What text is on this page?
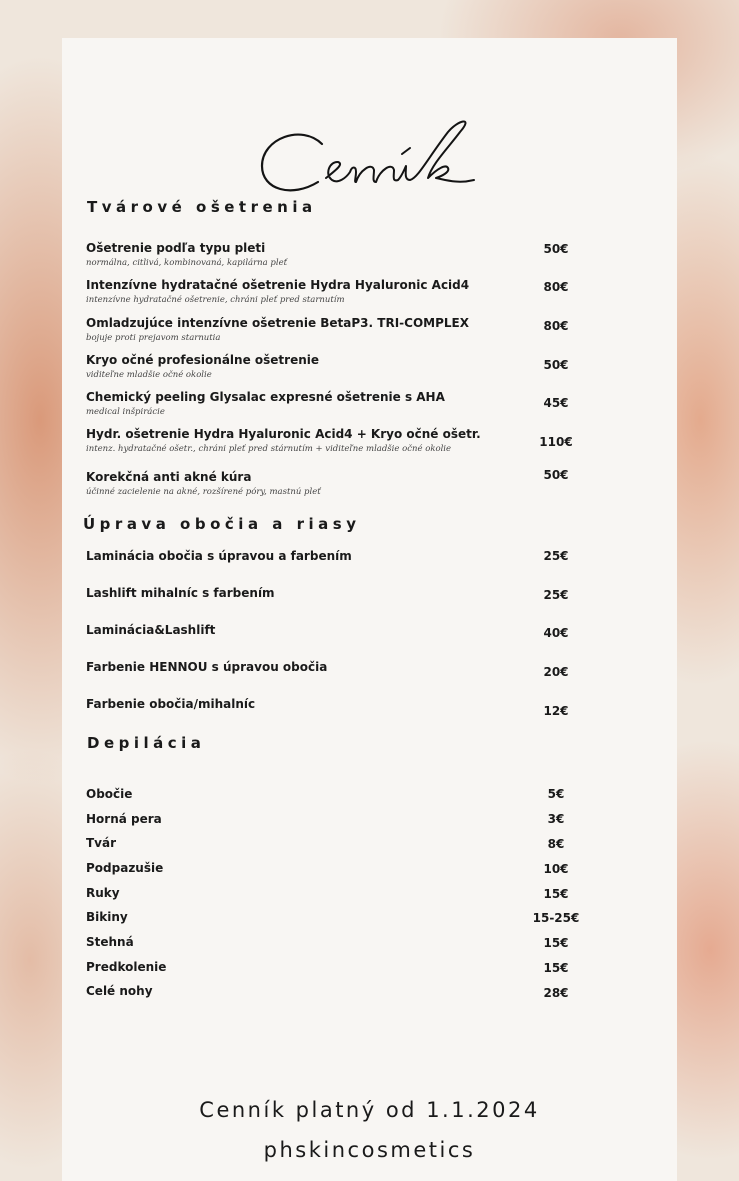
Tvárové ošetrenia
Ošetrenie podľa typu pleti
normálna, citlivá, kombinovaná, kapilárna pleť
50€
Intenzívne hydratačné ošetrenie Hydra Hyaluronic Acid4
intenzívne hydratačné ošetrenie, chráni pleť pred starnutím
80€
Omladzujúce intenzívne ošetrenie BetaP3. TRI-COMPLEX
bojuje proti prejavom starnutia
80€
Kryo očné profesionálne ošetrenie
viditeľne mladšie očné okolie
50€
Chemický peeling Glysalac expresné ošetrenie s AHA
medical inšpirácie
45€
Hydr. ošetrenie Hydra Hyaluronic Acid4 + Kryo očné ošetr.
intenz. hydratačné ošetr., chráni pleť pred stárnutím + viditeľne mladšie očné okolie	110€
Korekčná anti akné kúra
účinné zacielenie na akné, rozšírené póry, mastnú pleť
50€
Úprava obočia a riasy
Laminácia obočia s úpravou a farbením	25€
Lashlift mihalníc s farbením	25€
Laminácia&Lashlift	40€
Farbenie HENNOU s úpravou obočia	20€
Farbenie obočia/mihalníc	12€
Depilácia
Obočie	5€
Horná pera	3€
Tvár	8€
Podpazušie	10€
Ruky	15€
Bikiny	15-25€
Stehná	15€
Predkolenie	15€
Celé nohy	28€
Cenník platný od 1.1.2024
phskincosmetics
